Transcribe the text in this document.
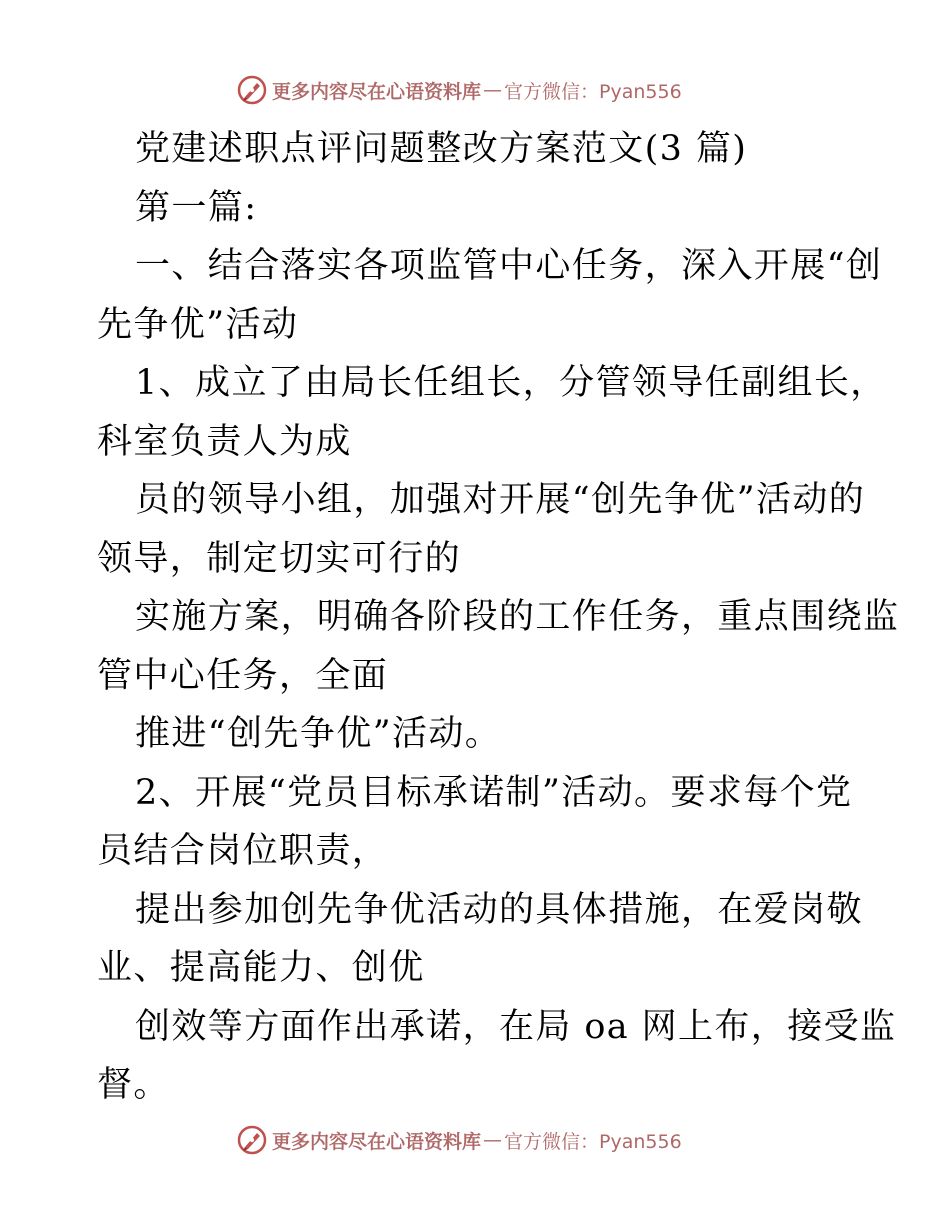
更多内容尽在心语资料库 — 官方微信：Pyan556
党建述职点评问题整改方案范文(3 篇)
第一篇:
一、结合落实各项监管中心任务，深入开展“创
先争优”活动
1、成立了由局长任组长，分管领导任副组长，
科室负责人为成
员的领导小组，加强对开展“创先争优”活动的
领导，制定切实可行的
实施方案，明确各阶段的工作任务，重点围绕监
管中心任务，全面
推进“创先争优”活动。
2、开展“党员目标承诺制”活动。要求每个党
员结合岗位职责，
提出参加创先争优活动的具体措施，在爱岗敬
业、提高能力、创优
创效等方面作出承诺，在局 oa 网上布，接受监
督。
更多内容尽在心语资料库 — 官方微信：Pyan556
